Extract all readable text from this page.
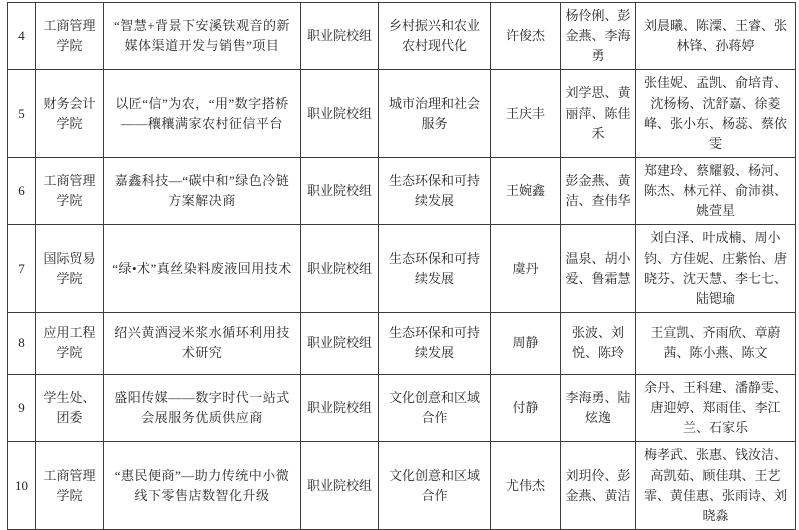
4	工商管理学院	“智慧+背景下安溪铁观音的新媒体渠道开发与销售”项目	职业院校组	乡村振兴和农业农村现代化	许俊杰	杨伶俐、彭金燕、李海勇	刘晨曦、陈潥、王睿、张林锋、孙蒋婷
5	财务会计学院	以匠“信”为农，“用”数字搭桥——穰穰满家农村征信平台	职业院校组	城市治理和社会服务	王庆丰	刘学思、黄丽萍、陈佳禾	张佳妮、孟凯、俞培青、沈杨杨、沈舒嘉、徐菱峰、张小东、杨蕊、蔡依雯
6	工商管理学院	嘉鑫科技—“碳中和”绿色冷链方案解决商	职业院校组	生态环保和可持续发展	王婉鑫	彭金燕、黄洁、查伟华	郑建玲、蔡耀毅、杨河、陈杰、林元祥、俞沛祺、姚萱星
7	国际贸易学院	“绿•术”真丝染料废液回用技术	职业院校组	生态环保和可持续发展	虞丹	温泉、胡小爱、鲁霜慧	刘白泽、叶成楠、周小钧、方佳妮、庄紫怡、唐晓芬、沈天慧、李七七、陆锶瑜
8	应用工程学院	绍兴黄酒浸米浆水循环利用技术研究	职业院校组	生态环保和可持续发展	周静	张波、刘悦、陈玲	王宣凯、齐雨欣、章蔚茜、陈小燕、陈文
9	学生处、团委	盛阳传媒——数字时代一站式会展服务优质供应商	职业院校组	文化创意和区域合作	付静	李海勇、陆炫逸	余丹、王科建、潘静雯、唐迎婷、郑雨佳、李江兰、石家乐
10	工商管理学院	“惠民便商”—助力传统中小微线下零售店数智化升级	职业院校组	文化创意和区域合作	尤伟杰	刘玥伶、彭金燕、黄洁	梅孝武、张惠、钱汝洁、高凯茹、顾佳琪、王艺霏、黄佳惠、张雨诗、刘晓淼
